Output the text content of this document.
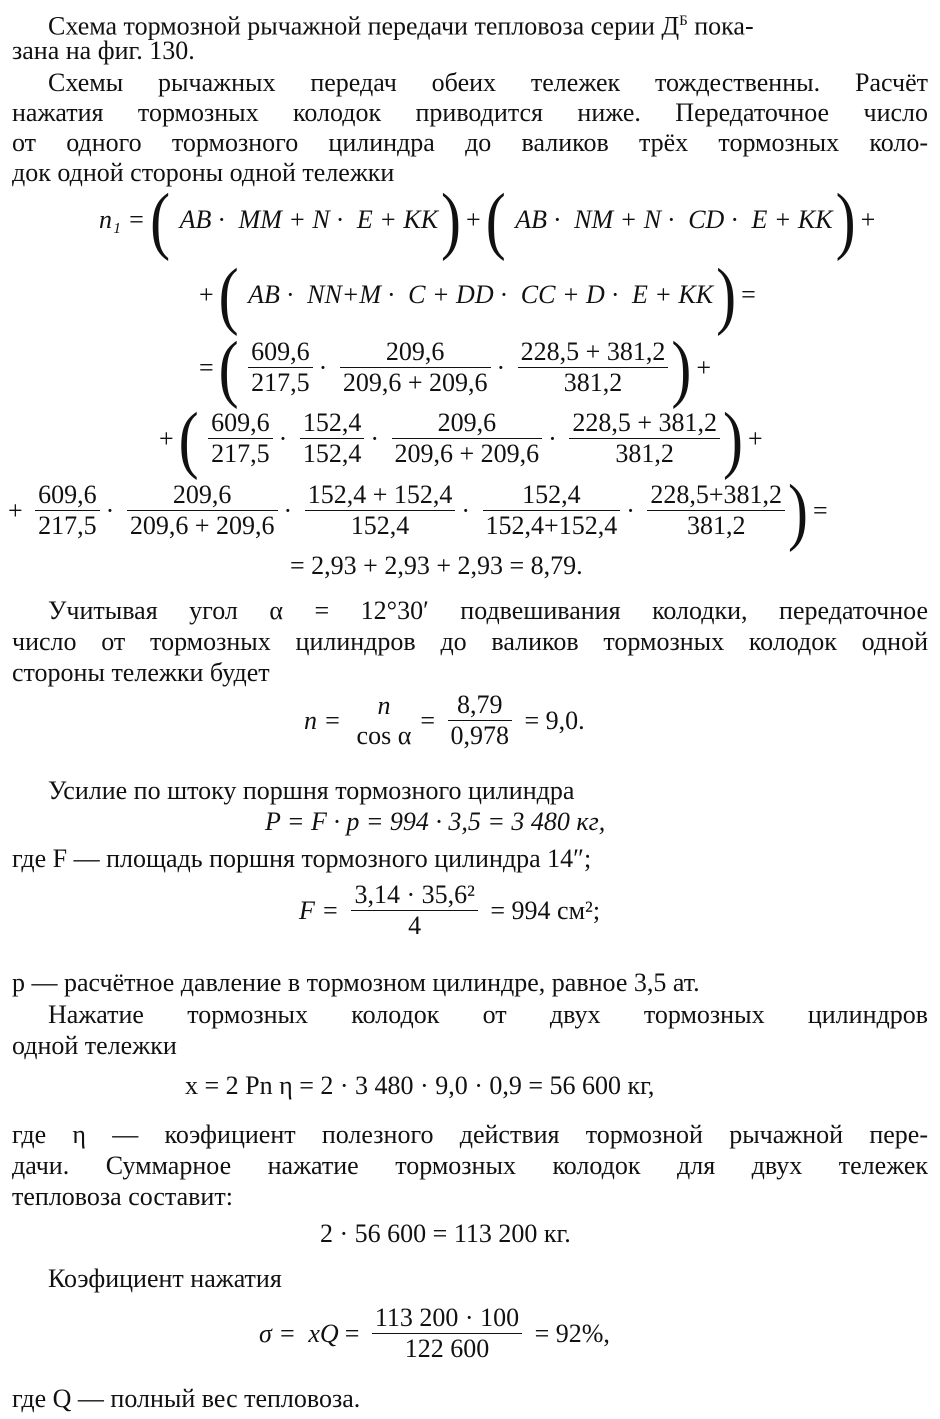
Схема тормозной рычажной передачи тепловоза серии $Д^Б$ пока-
зана на фиг. 130.
Схемы рычажных передач обеих тележек тождественны. Расчёт
нажатия тормозных колодок приводится ниже. Передаточное число
от одного тормозного цилиндра до валиков трёх тормозных коло-
док одной стороны одной тележки
n₁ =( AB · MM + N · E + KK) +( AB · NM + N · CD · E + KK) +
+( AB · NN+M · C + DD · CC + D · E + KK) =
=( $\frac{609,6}{217,5} \cdot \frac{209,6}{209,6 + 209,6} \cdot \frac{228,5 + 381,2}{381,2}$ ) +
+( $\frac{609,6}{217,5} \cdot \frac{152,4}{152,4} \cdot \frac{209,6}{209,6 + 209,6} \cdot \frac{228,5 + 381,2}{381,2}$ ) +
+ $\frac{609,6}{217,5} \cdot \frac{209,6}{209,6 + 209,6} \cdot \frac{152,4 + 152,4}{152,4} \cdot \frac{152,4}{152,4+152,4} \cdot \frac{228,5+381,2}{381,2}$ ) =
= 2,93 + 2,93 + 2,93 = 8,79.
Учитывая угол α = 12°30′ подвешивания колодки, передаточное
число от тормозных цилиндров до валиков тормозных колодок одной
стороны тележки будет
n = n
cos α
= $\frac{8,79}{0,978} = 9,0$.
Усилие по штоку поршня тормозного цилиндра
P = F · p = 994 · 3,5 = 3 480 кг,
где F — площадь поршня тормозного цилиндра 14″;
$F = \frac{\text{3,14 · 35,6²}}{4} = 994$ см²;
p — расчётное давление в тормозном цилиндре, равное 3,5 ат.
Нажатие тормозных колодок от двух тормозных цилиндров
одной тележки
x = 2 Pn η = 2 · 3 480 · 9,0 · 0,9 = 56 600 кг,
где η — коэфициент полезного действия тормозной рычажной пере-
дачи. Суммарное нажатие тормозных колодок для двух тележек
тепловоза составит:
2 · 56 600 = 113 200 кг.
Коэфициент нажатия
σ = xQ = $\frac{113 200 \cdot 100}{122 600} = 92\%$,
где Q — полный вес тепловоза.
